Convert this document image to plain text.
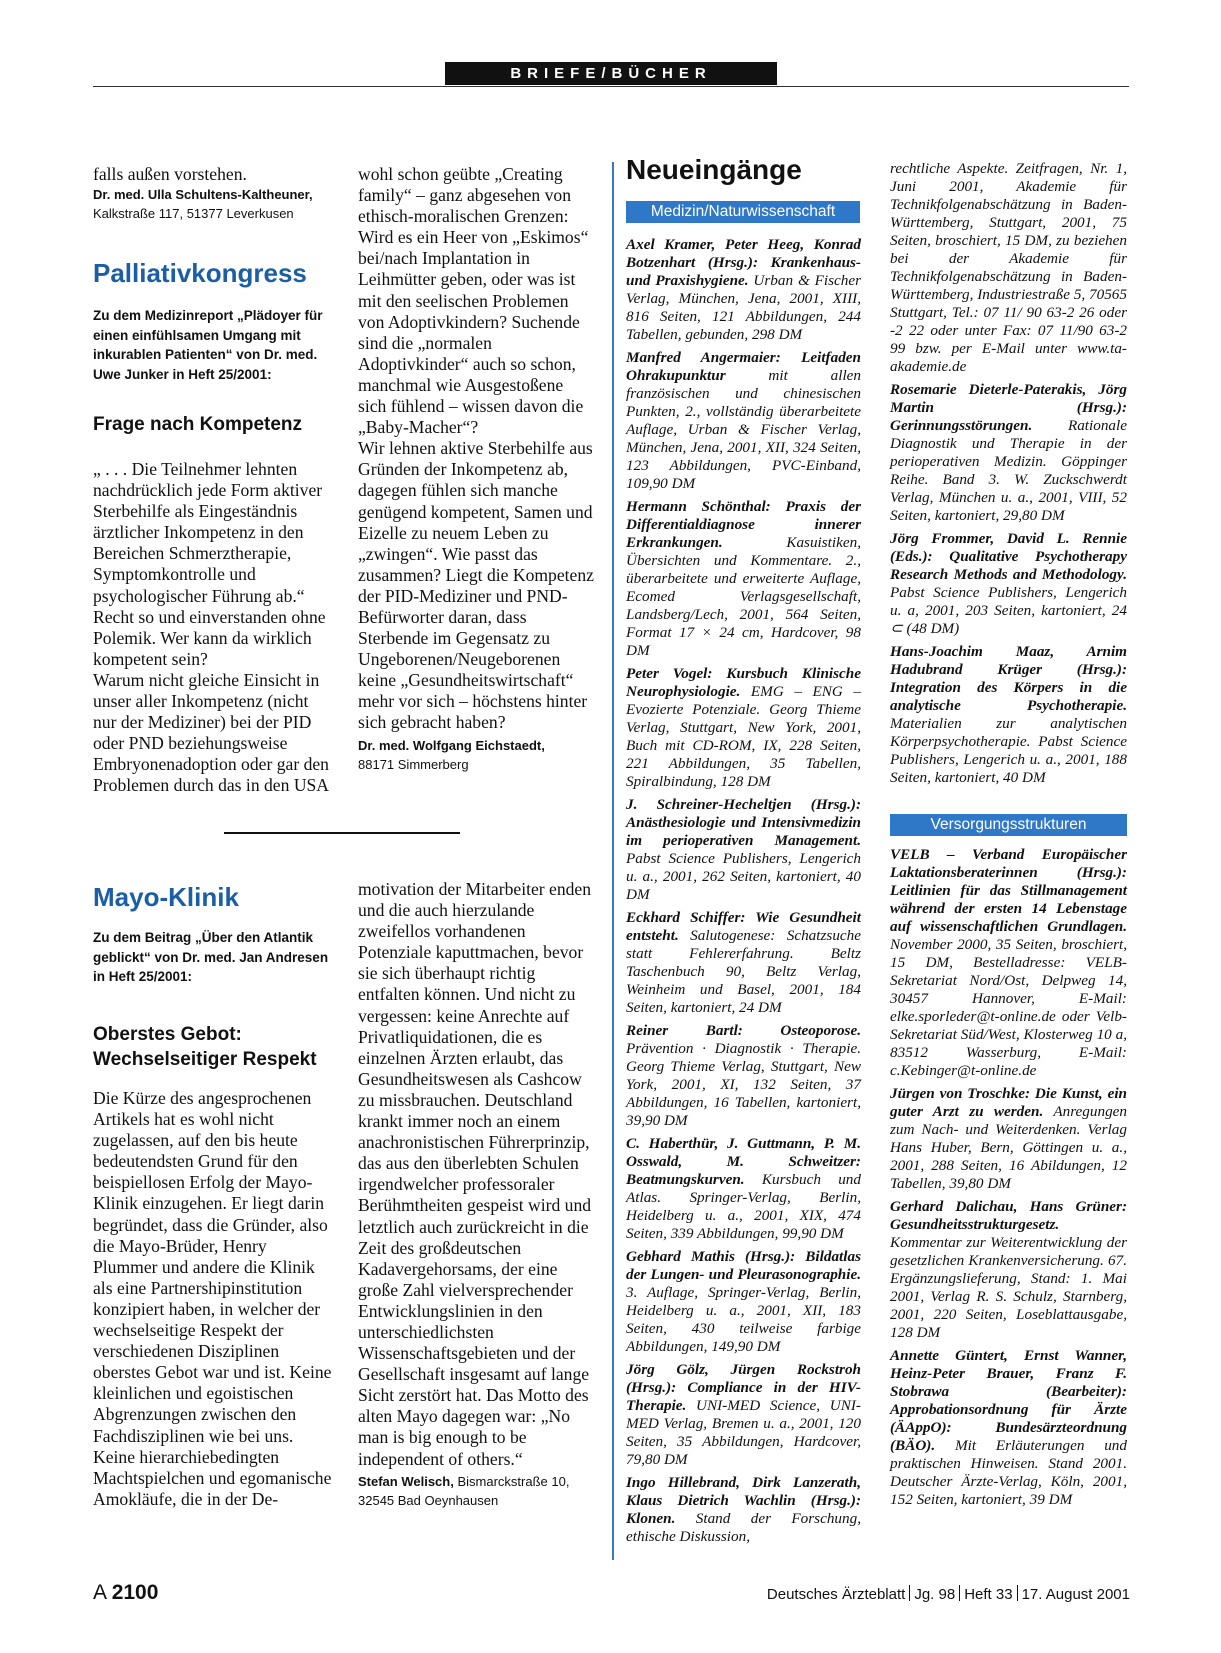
BRIEFE/BÜCHER

falls außen vorstehen.

Dr. med. Ulla Schultens-Kaltheuner,
Kalkstraße 117, 51377 Leverkusen
Palliativkongress
Zu dem Medizinreport „Plädoyer für einen einfühlsamen Umgang mit inkurablen Patienten“ von Dr. med. Uwe Junker in Heft 25/2001:
Frage nach Kompetenz

„ . . . Die Teilnehmer lehnten nachdrücklich jede Form aktiver Sterbehilfe als Eingeständnis ärztlicher Inkompetenz in den Bereichen Schmerztherapie, Symptomkontrolle und psychologischer Führung ab.“ Recht so und einverstanden ohne Polemik. Wer kann da wirklich kompetent sein?

Warum nicht gleiche Einsicht in unser aller Inkompetenz (nicht nur der Mediziner) bei der PID oder PND beziehungsweise Embryonenadoption oder gar den Problemen durch das in den USA

wohl schon geübte „Creating family“ – ganz abgesehen von ethisch-moralischen Grenzen: Wird es ein Heer von „Eskimos“ bei/nach Implantation in Leihmütter geben, oder was ist mit den seelischen Problemen von Adoptivkindern? Suchende sind die „normalen Adoptivkinder“ auch so schon, manchmal wie Ausgestoßene sich fühlend – wissen davon die „Baby-Macher“?

Wir lehnen aktive Sterbehilfe aus Gründen der Inkompetenz ab, dagegen fühlen sich manche genügend kompetent, Samen und Eizelle zu neuem Leben zu „zwingen“. Wie passt das zusammen? Liegt die Kompetenz der PID-Mediziner und PND-Befürworter daran, dass Sterbende im Gegensatz zu Ungeborenen/Neugeborenen keine „Gesundheitswirtschaft“ mehr vor sich – höchstens hinter sich gebracht haben?

Dr. med. Wolfgang Eichstaedt,
88171 Simmerberg
Mayo-Klinik
Zu dem Beitrag „Über den Atlantik geblickt“ von Dr. med. Jan Andresen in Heft 25/2001:
Oberstes Gebot: Wechselseitiger Respekt

Die Kürze des angesprochenen Artikels hat es wohl nicht zugelassen, auf den bis heute bedeutendsten Grund für den beispiellosen Erfolg der Mayo-Klinik einzugehen. Er liegt darin begründet, dass die Gründer, also die Mayo-Brüder, Henry Plummer und andere die Klinik als eine Partnershipinstitution konzipiert haben, in welcher der wechselseitige Respekt der verschiedenen Disziplinen oberstes Gebot war und ist. Keine kleinlichen und egoistischen Abgrenzungen zwischen den Fachdisziplinen wie bei uns. Keine hierarchiebedingten Machtspielchen und egomanische Amokläufe, die in der De-

motivation der Mitarbeiter enden und die auch hierzulande zweifellos vorhandenen Potenziale kaputtmachen, bevor sie sich überhaupt richtig entfalten können. Und nicht zu vergessen: keine Anrechte auf Privatliquidationen, die es einzelnen Ärzten erlaubt, das Gesundheitswesen als Cashcow zu missbrauchen. Deutschland krankt immer noch an einem anachronistischen Führerprinzip, das aus den überlebten Schulen irgendwelcher professoraler Berühmtheiten gespeist wird und letztlich auch zurückreicht in die Zeit des großdeutschen Kadavergehorsams, der eine große Zahl vielversprechender Entwicklungslinien in den unterschiedlichsten Wissenschaftsgebieten und der Gesellschaft insgesamt auf lange Sicht zerstört hat. Das Motto des alten Mayo dagegen war: „No man is big enough to be independent of others.“

Stefan Welisch, Bismarckstraße 10,
32545 Bad Oeynhausen
Neueingänge
Medizin/Naturwissenschaft

Axel Kramer, Peter Heeg, Konrad Botzenhart (Hrsg.): Krankenhaus- und Praxishygiene. Urban & Fischer Verlag, München, Jena, 2001, XIII, 816 Seiten, 121 Abbildungen, 244 Tabellen, gebunden, 298 DM

Manfred Angermaier: Leitfaden Ohrakupunktur mit allen französischen und chinesischen Punkten, 2., vollständig überarbeitete Auflage, Urban & Fischer Verlag, München, Jena, 2001, XII, 324 Seiten, 123 Abbildungen, PVC-Einband, 109,90 DM

Hermann Schönthal: Praxis der Differentialdiagnose innerer Erkrankungen. Kasuistiken, Übersichten und Kommentare. 2., überarbeitete und erweiterte Auflage, Ecomed Verlagsgesellschaft, Landsberg/Lech, 2001, 564 Seiten, Format 17 × 24 cm, Hardcover, 98 DM

Peter Vogel: Kursbuch Klinische Neurophysiologie. EMG – ENG – Evozierte Potenziale. Georg Thieme Verlag, Stuttgart, New York, 2001, Buch mit CD-ROM, IX, 228 Seiten, 221 Abbildungen, 35 Tabellen, Spiralbindung, 128 DM

J. Schreiner-Hecheltjen (Hrsg.): Anästhesiologie und Intensivmedizin im perioperativen Management. Pabst Science Publishers, Lengerich u. a., 2001, 262 Seiten, kartoniert, 40 DM

Eckhard Schiffer: Wie Gesundheit entsteht. Salutogenese: Schatzsuche statt Fehlererfahrung. Beltz Taschenbuch 90, Beltz Verlag, Weinheim und Basel, 2001, 184 Seiten, kartoniert, 24 DM

Reiner Bartl: Osteoporose. Prävention · Diagnostik · Therapie. Georg Thieme Verlag, Stuttgart, New York, 2001, XI, 132 Seiten, 37 Abbildungen, 16 Tabellen, kartoniert, 39,90 DM

C. Haberthür, J. Guttmann, P. M. Osswald, M. Schweitzer: Beatmungskurven. Kursbuch und Atlas. Springer-Verlag, Berlin, Heidelberg u. a., 2001, XIX, 474 Seiten, 339 Abbildungen, 99,90 DM

Gebhard Mathis (Hrsg.): Bildatlas der Lungen- und Pleurasonographie. 3. Auflage, Springer-Verlag, Berlin, Heidelberg u. a., 2001, XII, 183 Seiten, 430 teilweise farbige Abbildungen, 149,90 DM

Jörg Gölz, Jürgen Rockstroh (Hrsg.): Compliance in der HIV-Therapie. UNI-MED Science, UNI-MED Verlag, Bremen u. a., 2001, 120 Seiten, 35 Abbildungen, Hardcover, 79,80 DM

Ingo Hillebrand, Dirk Lanzerath, Klaus Dietrich Wachlin (Hrsg.): Klonen. Stand der Forschung, ethische Diskussion,

rechtliche Aspekte. Zeitfragen, Nr. 1, Juni 2001, Akademie für Technikfolgenabschätzung in Baden-Württemberg, Stuttgart, 2001, 75 Seiten, broschiert, 15 DM, zu beziehen bei der Akademie für Technikfolgenabschätzung in Baden-Württemberg, Industriestraße 5, 70565 Stuttgart, Tel.: 07 11/ 90 63-2 26 oder -2 22 oder unter Fax: 07 11/90 63-2 99 bzw. per E-Mail unter www.ta-akademie.de

Rosemarie Dieterle-Paterakis, Jörg Martin (Hrsg.): Gerinnungsstörungen. Rationale Diagnostik und Therapie in der perioperativen Medizin. Göppinger Reihe. Band 3. W. Zuckschwerdt Verlag, München u. a., 2001, VIII, 52 Seiten, kartoniert, 29,80 DM

Jörg Frommer, David L. Rennie (Eds.): Qualitative Psychotherapy Research Methods and Methodology. Pabst Science Publishers, Lengerich u. a, 2001, 203 Seiten, kartoniert, 24 ⊂ (48 DM)

Hans-Joachim Maaz, Arnim Hadubrand Krüger (Hrsg.): Integration des Körpers in die analytische Psychotherapie. Materialien zur analytischen Körperpsychotherapie. Pabst Science Publishers, Lengerich u. a., 2001, 188 Seiten, kartoniert, 40 DM

Versorgungsstrukturen

VELB – Verband Europäischer Laktationsberaterinnen (Hrsg.): Leitlinien für das Stillmanagement während der ersten 14 Lebenstage auf wissenschaftlichen Grundlagen. November 2000, 35 Seiten, broschiert, 15 DM, Bestelladresse: VELB-Sekretariat Nord/Ost, Delpweg 14, 30457 Hannover, E-Mail: elke.sporleder@t-online.de oder Velb-Sekretariat Süd/West, Klosterweg 10 a, 83512 Wasserburg, E-Mail: c.Kebinger@t-online.de

Jürgen von Troschke: Die Kunst, ein guter Arzt zu werden. Anregungen zum Nach- und Weiterdenken. Verlag Hans Huber, Bern, Göttingen u. a., 2001, 288 Seiten, 16 Abildungen, 12 Tabellen, 39,80 DM

Gerhard Dalichau, Hans Grüner: Gesundheitsstrukturgesetz. Kommentar zur Weiterentwicklung der gesetzlichen Krankenversicherung. 67. Ergänzungslieferung, Stand: 1. Mai 2001, Verlag R. S. Schulz, Starnberg, 2001, 220 Seiten, Loseblattausgabe, 128 DM

Annette Güntert, Ernst Wanner, Heinz-Peter Brauer, Franz F. Stobrawa (Bearbeiter): Approbationsordnung für Ärzte (ÄAppO): Bundesärzteordnung (BÄO). Mit Erläuterungen und praktischen Hinweisen. Stand 2001. Deutscher Ärzte-Verlag, Köln, 2001, 152 Seiten, kartoniert, 39 DM

A 2100	Deutsches Ärzteblatt Jg. 98 Heft 33 17. August 2001
